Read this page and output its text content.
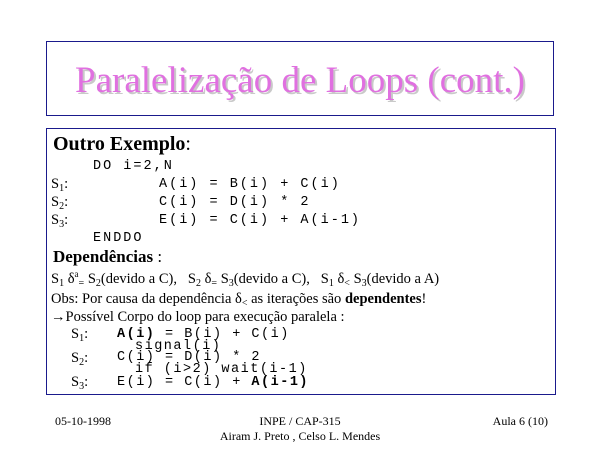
Paralelização de Loops (cont.)
Outro Exemplo:
DO i=2,N
$S_1$:	A(i) = B(i) + C(i)
$S_2$:	C(i) = D(i) * 2
$S_3$:	E(i) = C(i) + A(i-1)
ENDDO
Dependências :
$S_1$ $\delta^a_=$ $S_2(devido$ a C), $S_2$ $\delta_=$ $S_3(devido$ a C), $S_1$ $\delta_<$ $S_3(devido$ a A)
Obs: Por causa da dependência $\delta_<$ as iterações são dependentes!
→Possível Corpo do loop para execução paralela :
$S_1$: A(i) = B(i) + C(i)
signal(i)
$S_2$: C(i) = D(i) * 2
if (i>2) wait(i-1)
$S_3$: E(i) = C(i) + A(i-1)
05-10-1998	INPE / CAP-315
Airam J. Preto , Celso L. Mendes
Aula 6 (10)
